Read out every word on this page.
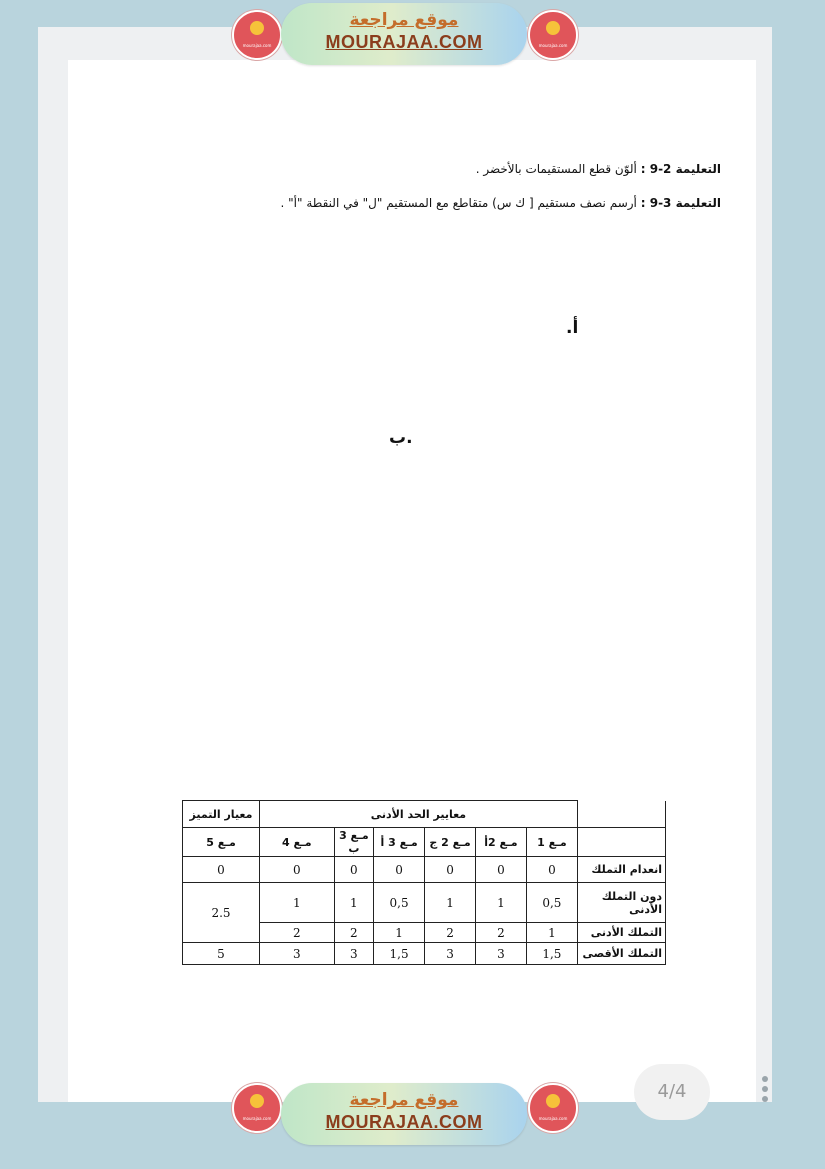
mourajaa.com
موقع مراجعة
MOURAJAA.COM	mourajaa.com
التعليمة 2-9 : ألوّن قطع المستقيمات بالأخضر .
التعليمة 3-9 : أرسم نصف مستقيم [ ك س) متقاطع مع المستقيم "ل" في النقطة "أ" .
أ.
.ب
معيار التميز	معايير الحد الأدنى						
مـع 5	مـع 4	مـع 3 ب	مـع 3 أ	مـع 2 ج	مـع 2أ	مـع 1	
0	0	0	0	0	0	0	انعدام التملك
2.5	1	1	0,5	1	1	0,5	دون التملك الأدنى
	2	2	1	2	2	1	التملك الأدنى
5	3	3	1,5	3	3	1,5	التملك الأقصى
4/4
mourajaa.com
موقع مراجعة
MOURAJAA.COM	mourajaa.com
